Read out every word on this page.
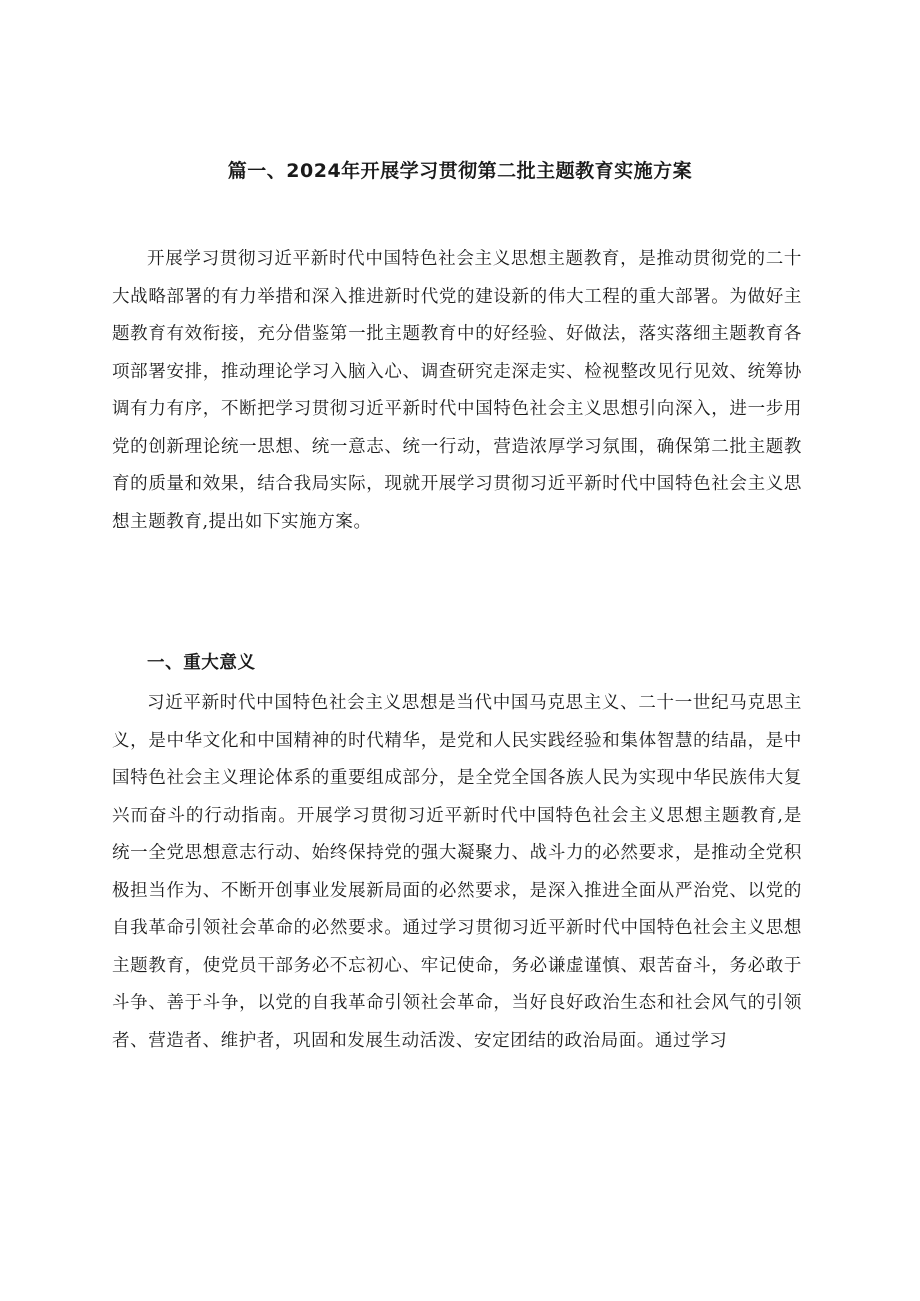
篇一、2024年开展学习贯彻第二批主题教育实施方案

开展学习贯彻习近平新时代中国特色社会主义思想主题教育，是推动贯彻党的二十大战略部署的有力举措和深入推进新时代党的建设新的伟大工程的重大部署。为做好主题教育有效衔接，充分借鉴第一批主题教育中的好经验、好做法，落实落细主题教育各项部署安排，推动理论学习入脑入心、调查研究走深走实、检视整改见行见效、统筹协调有力有序，不断把学习贯彻习近平新时代中国特色社会主义思想引向深入，进一步用党的创新理论统一思想、统一意志、统一行动，营造浓厚学习氛围，确保第二批主题教育的质量和效果，结合我局实际，现就开展学习贯彻习近平新时代中国特色社会主义思想主题教育,提出如下实施方案。

一、重大意义

习近平新时代中国特色社会主义思想是当代中国马克思主义、二十一世纪马克思主义，是中华文化和中国精神的时代精华，是党和人民实践经验和集体智慧的结晶，是中国特色社会主义理论体系的重要组成部分，是全党全国各族人民为实现中华民族伟大复兴而奋斗的行动指南。开展学习贯彻习近平新时代中国特色社会主义思想主题教育,是统一全党思想意志行动、始终保持党的强大凝聚力、战斗力的必然要求，是推动全党积极担当作为、不断开创事业发展新局面的必然要求，是深入推进全面从严治党、以党的自我革命引领社会革命的必然要求。通过学习贯彻习近平新时代中国特色社会主义思想主题教育，使党员干部务必不忘初心、牢记使命，务必谦虚谨慎、艰苦奋斗，务必敢于斗争、善于斗争，以党的自我革命引领社会革命，当好良好政治生态和社会风气的引领者、营造者、维护者，巩固和发展生动活泼、安定团结的政治局面。通过学习
